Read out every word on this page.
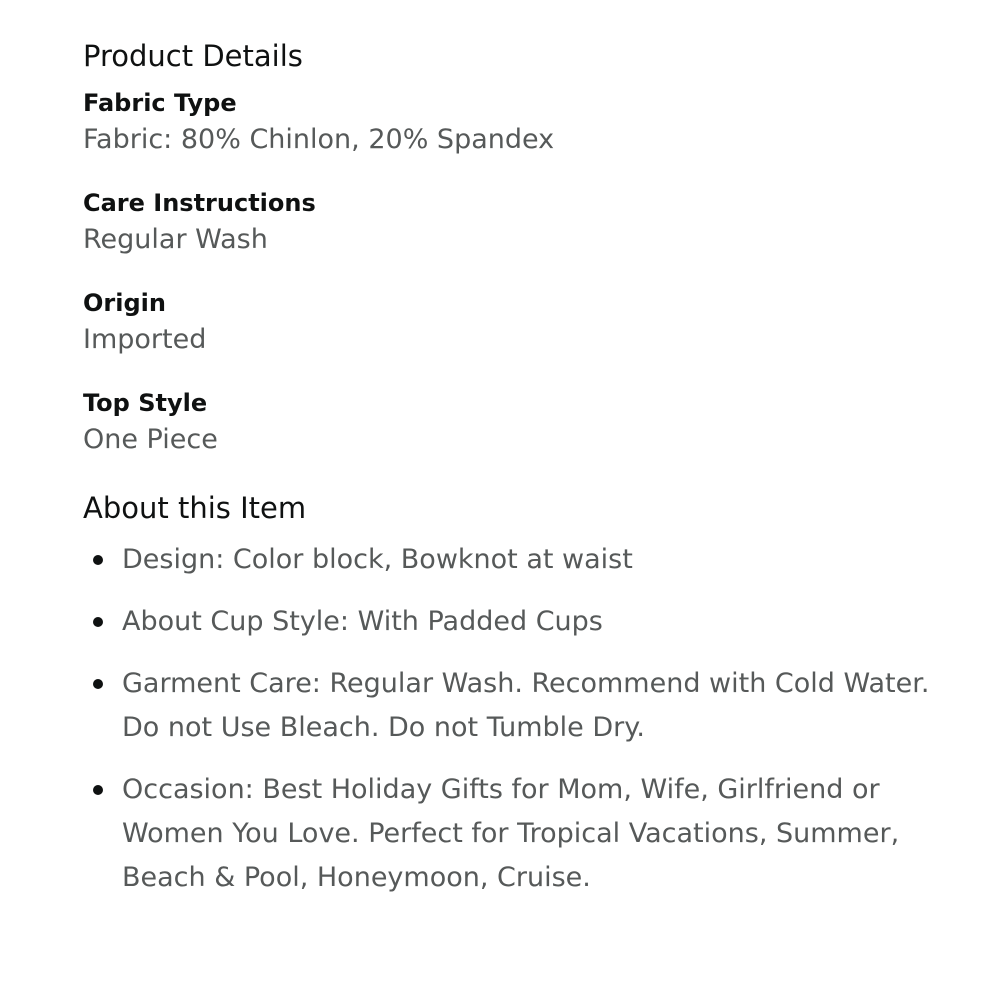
Product Details
Fabric Type
Fabric: 80% Chinlon, 20% Spandex
Care Instructions
Regular Wash
Origin
Imported
Top Style
One Piece
About this Item
Design: Color block, Bowknot at waist
About Cup Style: With Padded Cups
Garment Care: Regular Wash. Recommend with Cold Water. Do not Use Bleach. Do not Tumble Dry.
Occasion: Best Holiday Gifts for Mom, Wife, Girlfriend or Women You Love. Perfect for Tropical Vacations, Summer, Beach & Pool, Honeymoon, Cruise.
